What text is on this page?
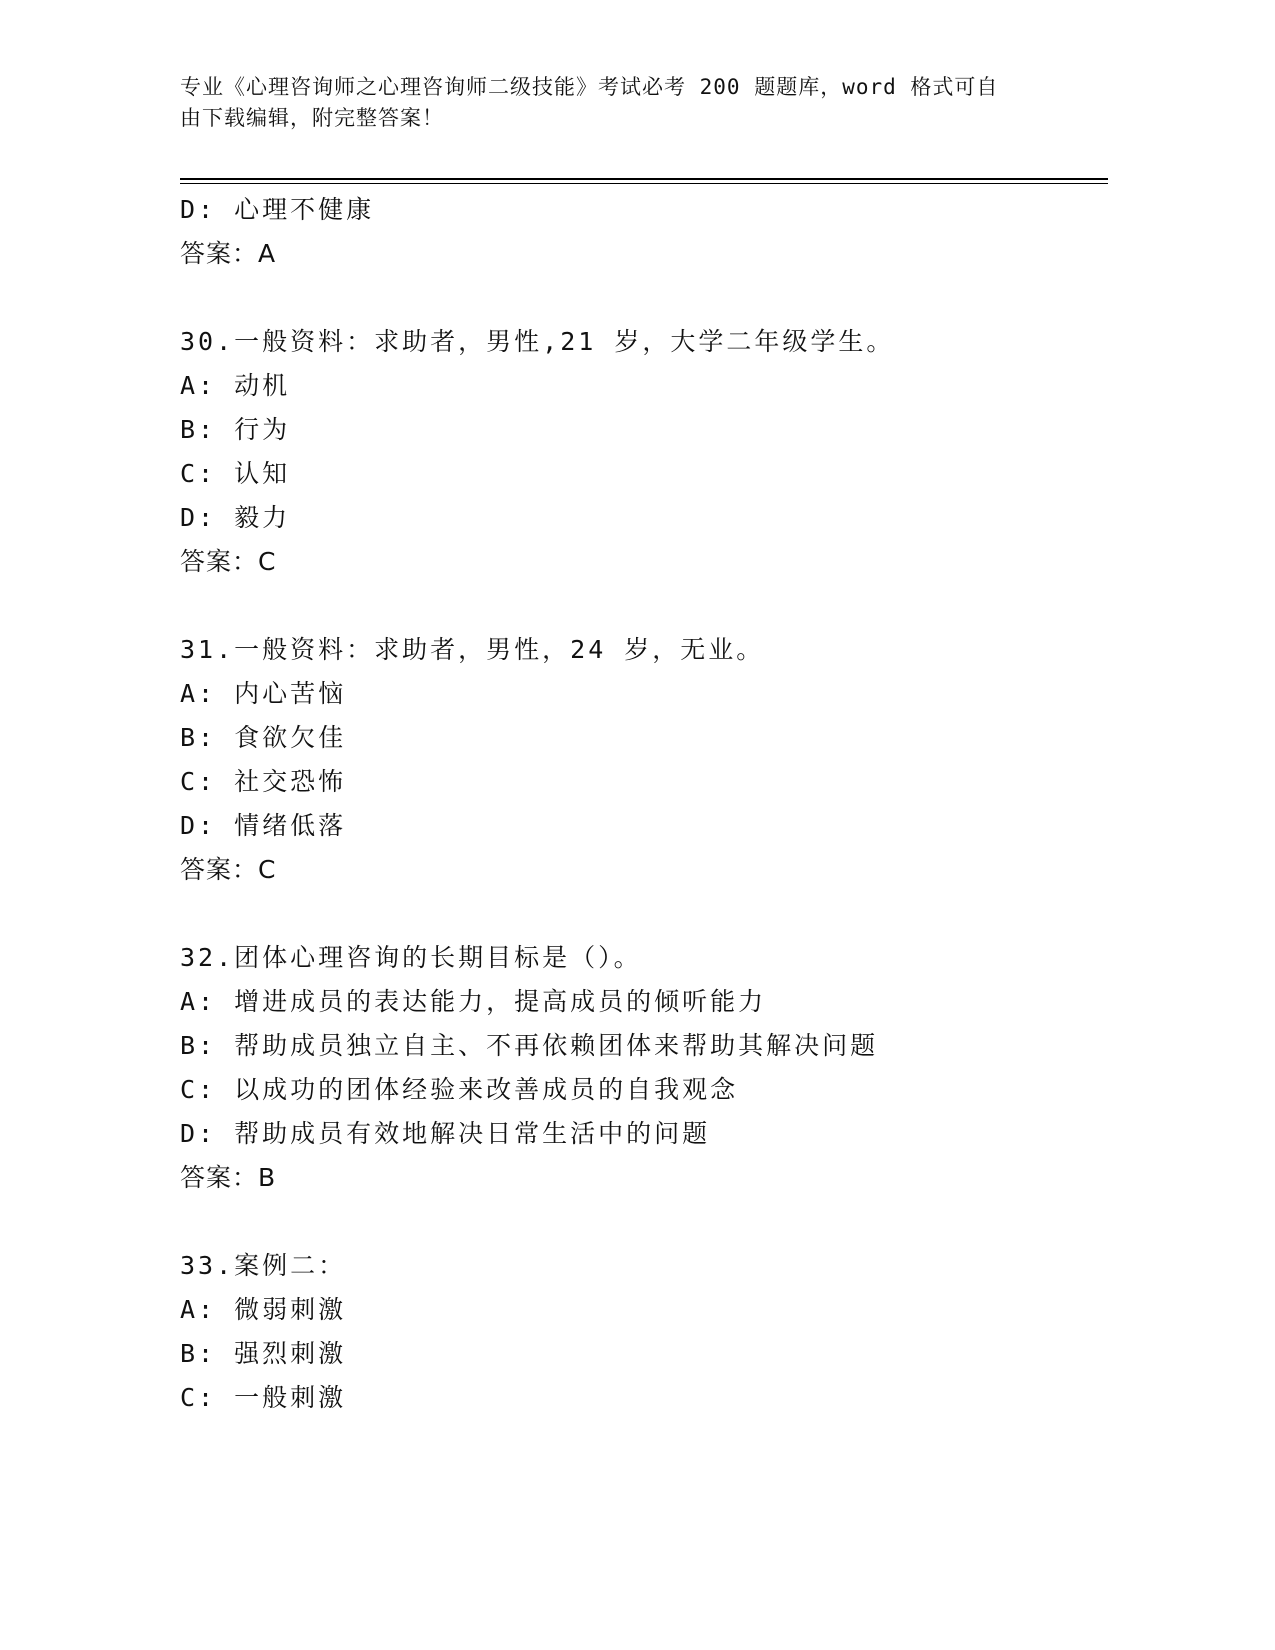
专业《心理咨询师之心理咨询师二级技能》考试必考 200 题题库，word 格式可自
由下载编辑，附完整答案！
D: 心理不健康
答案：A
30.一般资料：求助者，男性,21 岁，大学二年级学生。
A: 动机
B: 行为
C: 认知
D: 毅力
答案：C
31.一般资料：求助者，男性，24 岁，无业。
A: 内心苦恼
B: 食欲欠佳
C: 社交恐怖
D: 情绪低落
答案：C
32.团体心理咨询的长期目标是（）。
A: 增进成员的表达能力，提高成员的倾听能力
B: 帮助成员独立自主、不再依赖团体来帮助其解决问题
C: 以成功的团体经验来改善成员的自我观念
D: 帮助成员有效地解决日常生活中的问题
答案：B
33.案例二：
A: 微弱刺激
B: 强烈刺激
C: 一般刺激
